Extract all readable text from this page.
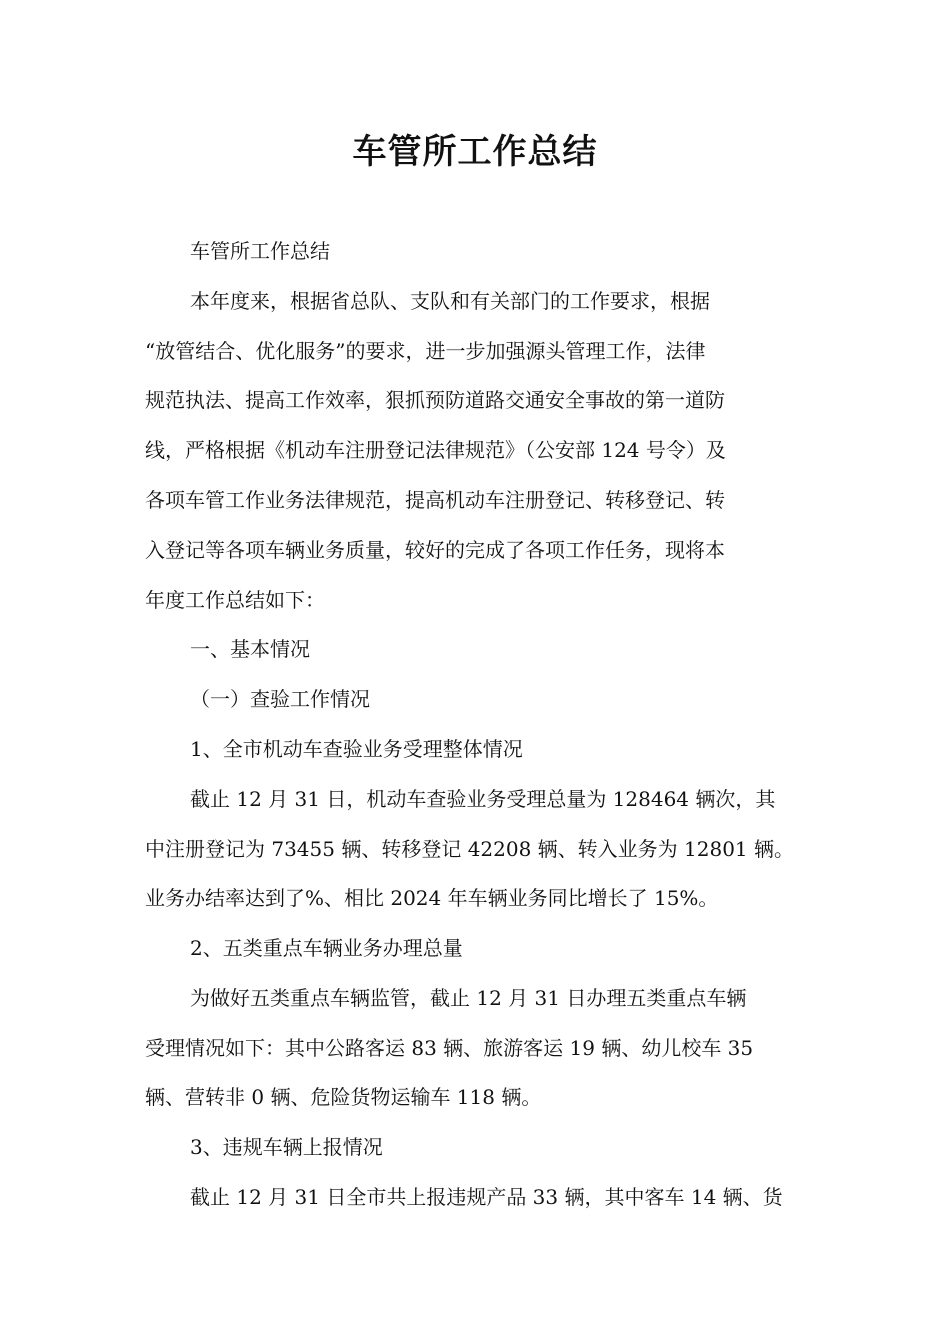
车管所工作总结

车管所工作总结

本年度来，根据省总队、支队和有关部门的工作要求，根据

“放管结合、优化服务”的要求，进一步加强源头管理工作，法律

规范执法、提高工作效率，狠抓预防道路交通安全事故的第一道防

线，严格根据《机动车注册登记法律规范》（公安部 124 号令）及

各项车管工作业务法律规范，提高机动车注册登记、转移登记、转

入登记等各项车辆业务质量，较好的完成了各项工作任务，现将本

年度工作总结如下：

一、基本情况

（一）查验工作情况

1、全市机动车查验业务受理整体情况

截止 12 月 31 日，机动车查验业务受理总量为 128464 辆次，其

中注册登记为 73455 辆、转移登记 42208 辆、转入业务为 12801 辆。

业务办结率达到了%、相比 2024 年车辆业务同比增长了 15%。

2、五类重点车辆业务办理总量

为做好五类重点车辆监管，截止 12 月 31 日办理五类重点车辆

受理情况如下：其中公路客运 83 辆、旅游客运 19 辆、幼儿校车 35

辆、营转非 0 辆、危险货物运输车 118 辆。

3、违规车辆上报情况

截止 12 月 31 日全市共上报违规产品 33 辆，其中客车 14 辆、货
